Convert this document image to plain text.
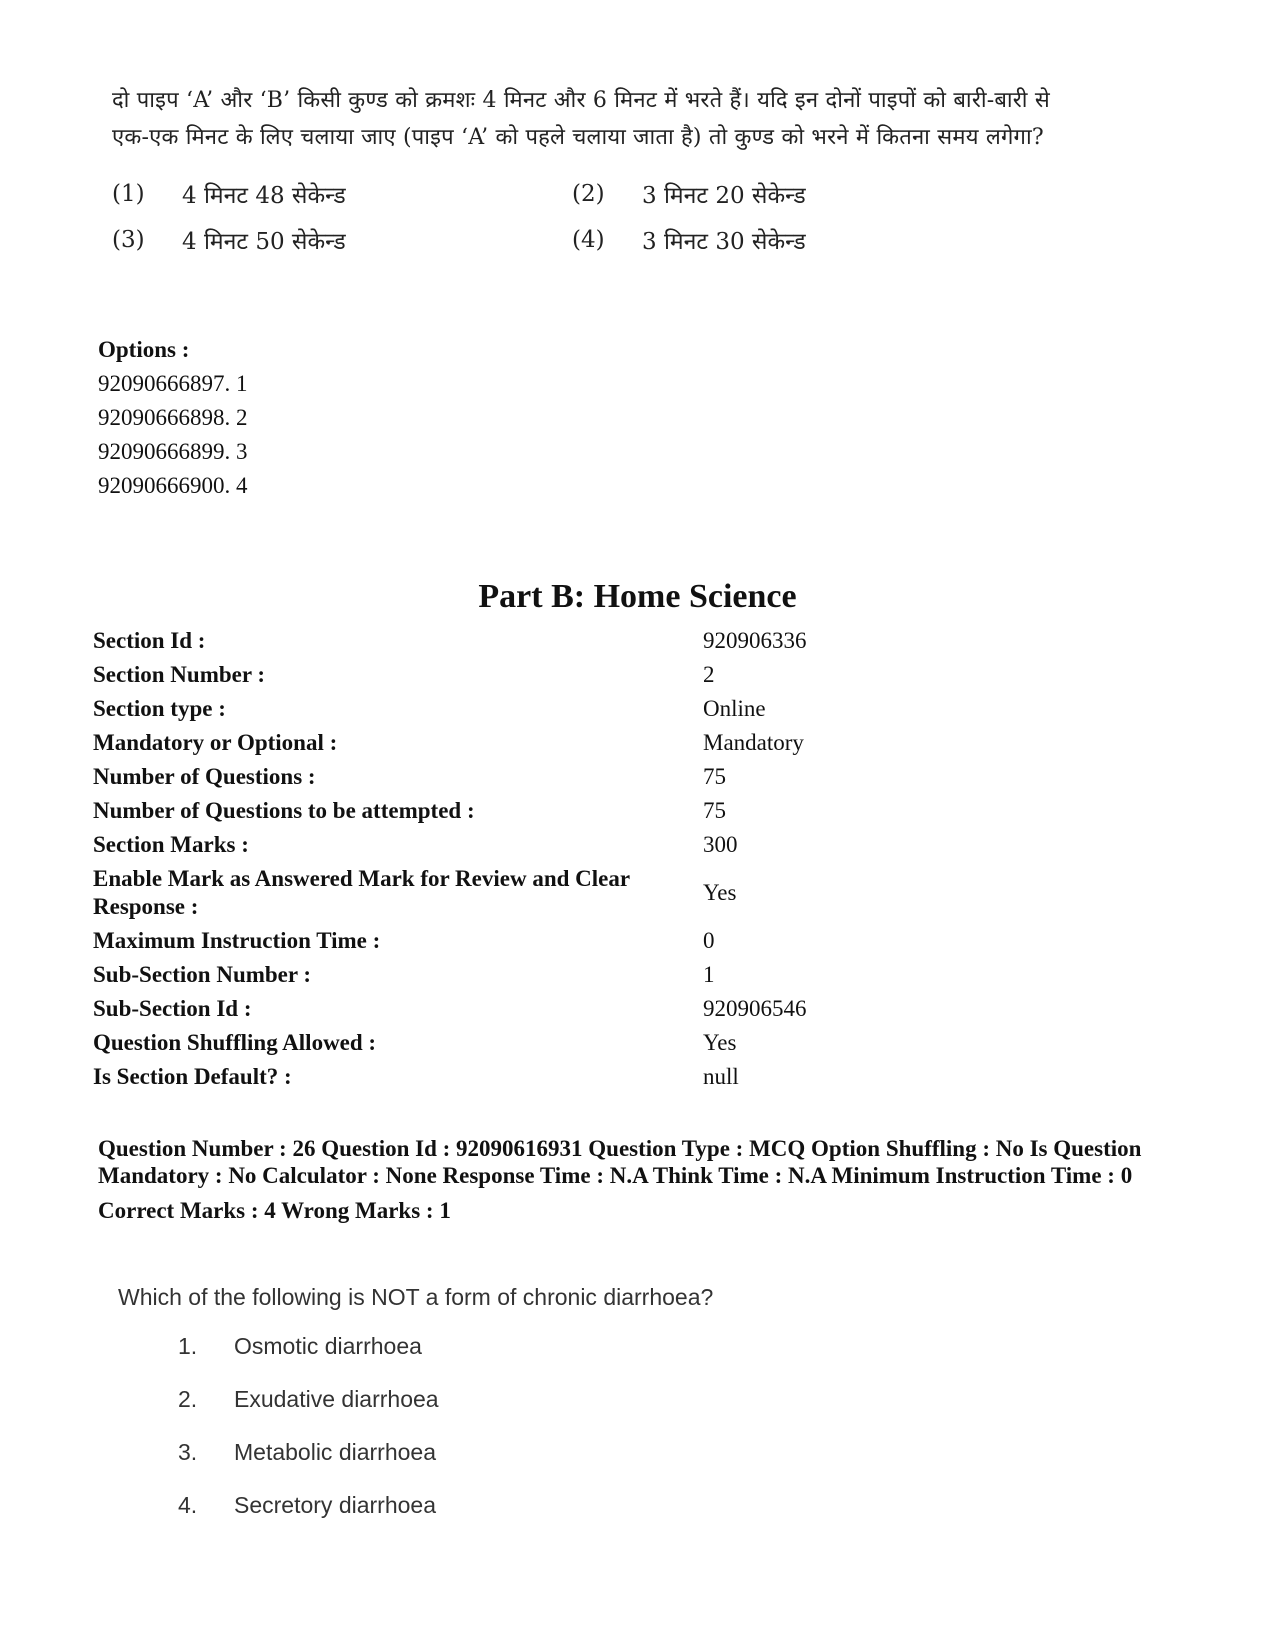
दो पाइप ‘A’ और ‘B’ किसी कुण्ड को क्रमशः 4 मिनट और 6 मिनट में भरते हैं। यदि इन दोनों पाइपों को बारी-बारी से एक-एक मिनट के लिए चलाया जाए (पाइप ‘A’ को पहले चलाया जाता है) तो कुण्ड को भरने में कितना समय लगेगा?

(1)	4 मिनट 48 सेकेन्ड	(2)	3 मिनट 20 सेकेन्ड
(3)	4 मिनट 50 सेकेन्ड	(4)	3 मिनट 30 सेकेन्ड
Options :
92090666897. 1
92090666898. 2
92090666899. 3
92090666900. 4
Part B: Home Science
Section Id :	920906336
Section Number :	2
Section type :	Online
Mandatory or Optional :	Mandatory
Number of Questions :	75
Number of Questions to be attempted :	75
Section Marks :	300
Enable Mark as Answered Mark for Review and Clear Response :
Yes
Maximum Instruction Time :	0
Sub-Section Number :	1
Sub-Section Id :	920906546
Question Shuffling Allowed :	Yes
Is Section Default? :	null
Question Number : 26 Question Id : 92090616931 Question Type : MCQ Option Shuffling : No Is Question Mandatory : No Calculator : None Response Time : N.A Think Time : N.A Minimum Instruction Time : 0
Correct Marks : 4 Wrong Marks : 1

Which of the following is NOT a form of chronic diarrhoea?

1.	Osmotic diarrhoea
2.	Exudative diarrhoea
3.	Metabolic diarrhoea
4.	Secretory diarrhoea
